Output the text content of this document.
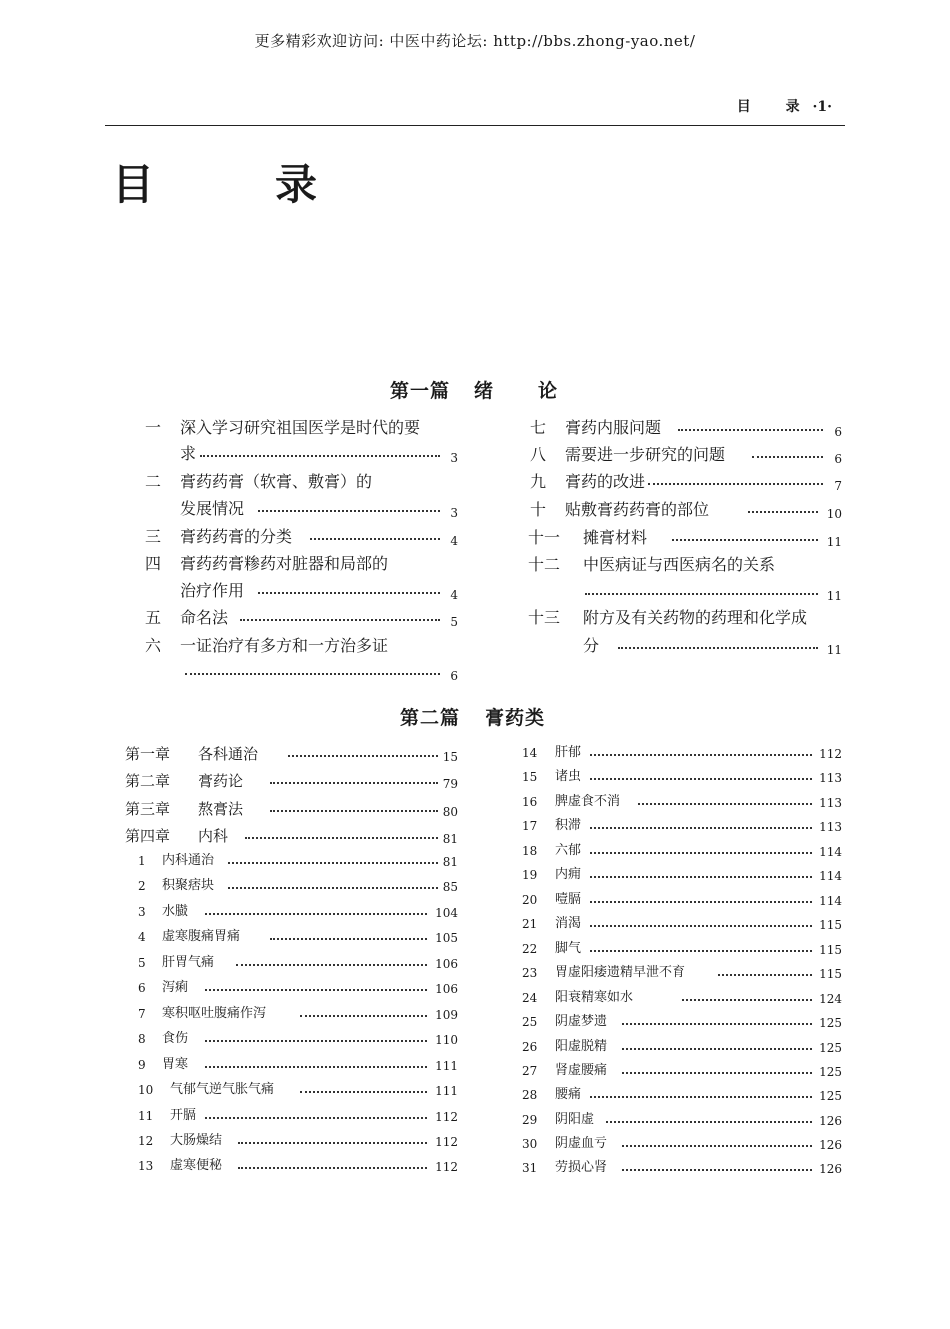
更多精彩欢迎访问: 中医中药论坛: http://bbs.zhong-yao.net/
目 录 ·1·
目	录
第一篇 绪 论
一 深入学习研究祖国医学是时代的要
求	3
二 膏药药膏（软膏、敷膏）的
发展情况	3
三 膏药药膏的分类	4
四 膏药药膏糁药对脏器和局部的
治疗作用	4
五 命名法	5
六 一证治疗有多方和一方治多证
6
七 膏药内服问题	6
八 需要进一步研究的问题	6
九 膏药的改进	7
十 贴敷膏药药膏的部位	10
十一 摊膏材料	11
十二 中医病证与西医病名的关系
11
十三 附方及有关药物的药理和化学成
分	11
第二篇 膏药类
第一章 各科通治	15
第二章 膏药论	79
第三章 熬膏法	80
第四章 内科	81
1 内科通治	81
2 积聚痞块	85
3 水臌	104
4 虚寒腹痛胃痛	105
5 肝胃气痛	106
6 泻痢	106
7 寒积呕吐腹痛作泻	109
8 食伤	110
9 胃寒	111
10 气郁气逆气胀气痛	111
11 开膈	112
12 大肠燥结	112
13 虚寒便秘	112
14 肝郁	112
15 诸虫	113
16 脾虚食不消	113
17 积滞	113
18 六郁	114
19 内痈	114
20 噎膈	114
21 消渴	115
22 脚气	115
23 胃虚阳痿遗精早泄不育	115
24 阳衰精寒如水	124
25 阴虚梦遗	125
26 阳虚脱精	125
27 肾虚腰痛	125
28 腰痛	125
29 阴阳虚	126
30 阴虚血亏	126
31 劳损心肾	126
